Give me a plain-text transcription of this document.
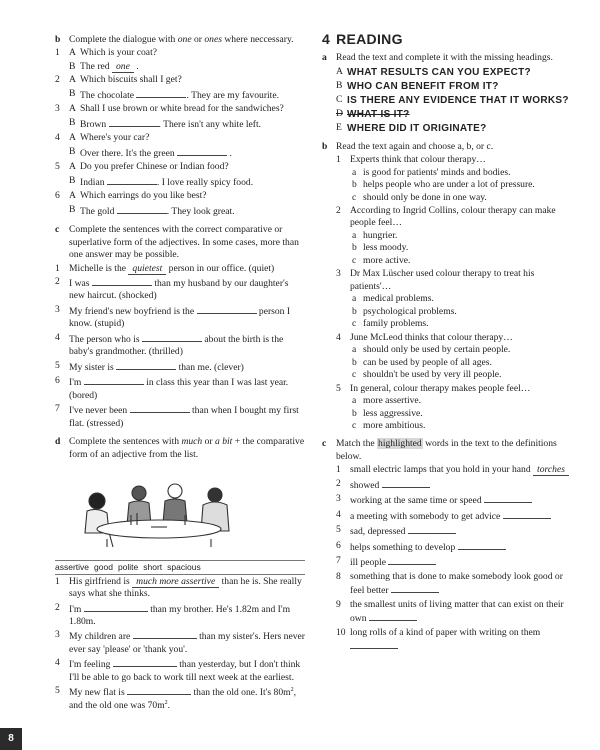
b Complete the dialogue with one or ones where neccessary.
1 A Which is your coat?
B The red one .
2 A Which biscuits shall I get?
B The chocolate	. They are my favourite.
3 A Shall I use brown or white bread for the sandwiches?
B Brown	. There isn't any white left.
4 A Where's your car?
B Over there. It's the green	.
5 A Do you prefer Chinese or Indian food?
B Indian	. I love really spicy food.
6 A Which earrings do you like best?
B The gold	. They look great.
c	Complete the sentences with the correct comparative or superlative form of the adjectives. In some cases, more than one answer may be possible.
1 Michelle is the quietest person in our office. (quiet)
2 I was	than my husband by our daughter's new haircut. (shocked)
3 My friend's new boyfriend is the	person I know. (stupid)
4 The person who is	about the birth is the baby's grandmother. (thrilled)
5 My sister is	than me. (clever)
6 I'm	in class this year than I was last year. (bored)
7 I've never been	than when I bought my first flat. (stressed)
d Complete the sentences with much or a bit + the comparative form of an adjective from the list.
assertive good polite short spacious
1 His girlfriend is much more assertive than he is. She really says what she thinks.
2 I'm	than my brother. He's 1.82m and I'm 1.80m.
3 My children are	than my sister's. Hers never ever say 'please' or 'thank you'.
4 I'm feeling	than yesterday, but I don't think I'll be able to go back to work till next week at the earliest.
5 My new flat is	than the old one. It's $80m^2$, and the old one was $70m^2$.
4 READING
a Read the text and complete it with the missing headings.
A WHAT RESULTS CAN YOU EXPECT?
B WHO CAN BENEFIT FROM IT?
C IS THERE ANY EVIDENCE THAT IT WORKS?
D WHAT IS IT?
E WHERE DID IT ORIGINATE?
b Read the text again and choose a, b, or c.
1 Experts think that colour therapy…
a is good for patients' minds and bodies.
b helps people who are under a lot of pressure.
c should only be done in one way.
2 According to Ingrid Collins, colour therapy can make people feel…
a hungrier.
b less moody.
c more active.
3 Dr Max Lüscher used colour therapy to treat his patients'…
a medical problems.
b psychological problems.
c family problems.
4 June McLeod thinks that colour therapy…
a should only be used by certain people.
b can be used by people of all ages.
c shouldn't be used by very ill people.
5 In general, colour therapy makes people feel…
a more assertive.
b less aggressive.
c more ambitious.
c	Match the highlighted words in the text to the definitions below.
1 small electric lamps that you hold in your hand torches
2 showed
3 working at the same time or speed
4 a meeting with somebody to get advice
5 sad, depressed
6 helps something to develop
7 ill people
8 something that is done to make somebody look good or feel better
9 the smallest units of living matter that can exist on their own
10 long rolls of a kind of paper with writing on them
8
